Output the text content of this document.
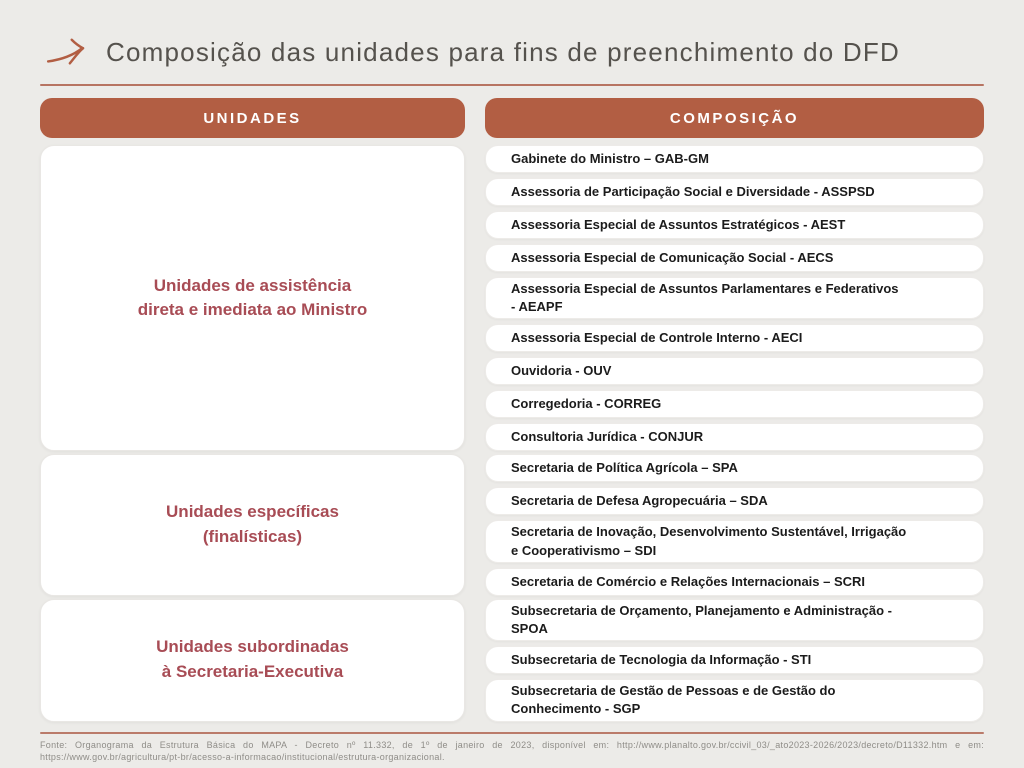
Composição das unidades para fins de preenchimento do DFD
UNIDADES	COMPOSIÇÃO
Unidades de assistência
direta e imediata ao Ministro
Gabinete do Ministro – GAB-GM
Assessoria de Participação Social e Diversidade - ASSPSD
Assessoria Especial de Assuntos Estratégicos - AEST
Assessoria Especial de Comunicação Social - AECS
Assessoria Especial de Assuntos Parlamentares e Federativos
- AEAPF
Assessoria Especial de Controle Interno - AECI
Ouvidoria - OUV
Corregedoria - CORREG
Consultoria Jurídica - CONJUR
Unidades específicas
(finalísticas)
Secretaria de Política Agrícola – SPA
Secretaria de Defesa Agropecuária – SDA
Secretaria de Inovação, Desenvolvimento Sustentável, Irrigação
e Cooperativismo – SDI
Secretaria de Comércio e Relações Internacionais – SCRI
Unidades subordinadas
à Secretaria-Executiva
Subsecretaria de Orçamento, Planejamento e Administração -
SPOA
Subsecretaria de Tecnologia da Informação - STI
Subsecretaria de Gestão de Pessoas e de Gestão do
Conhecimento - SGP
Fonte: Organograma da Estrutura Básica do MAPA - Decreto nº 11.332, de 1º de janeiro de 2023, disponível em: http://www.planalto.gov.br/ccivil_03/_ato2023-2026/2023/decreto/D11332.htm e em:
https://www.gov.br/agricultura/pt-br/acesso-a-informacao/institucional/estrutura-organizacional.
